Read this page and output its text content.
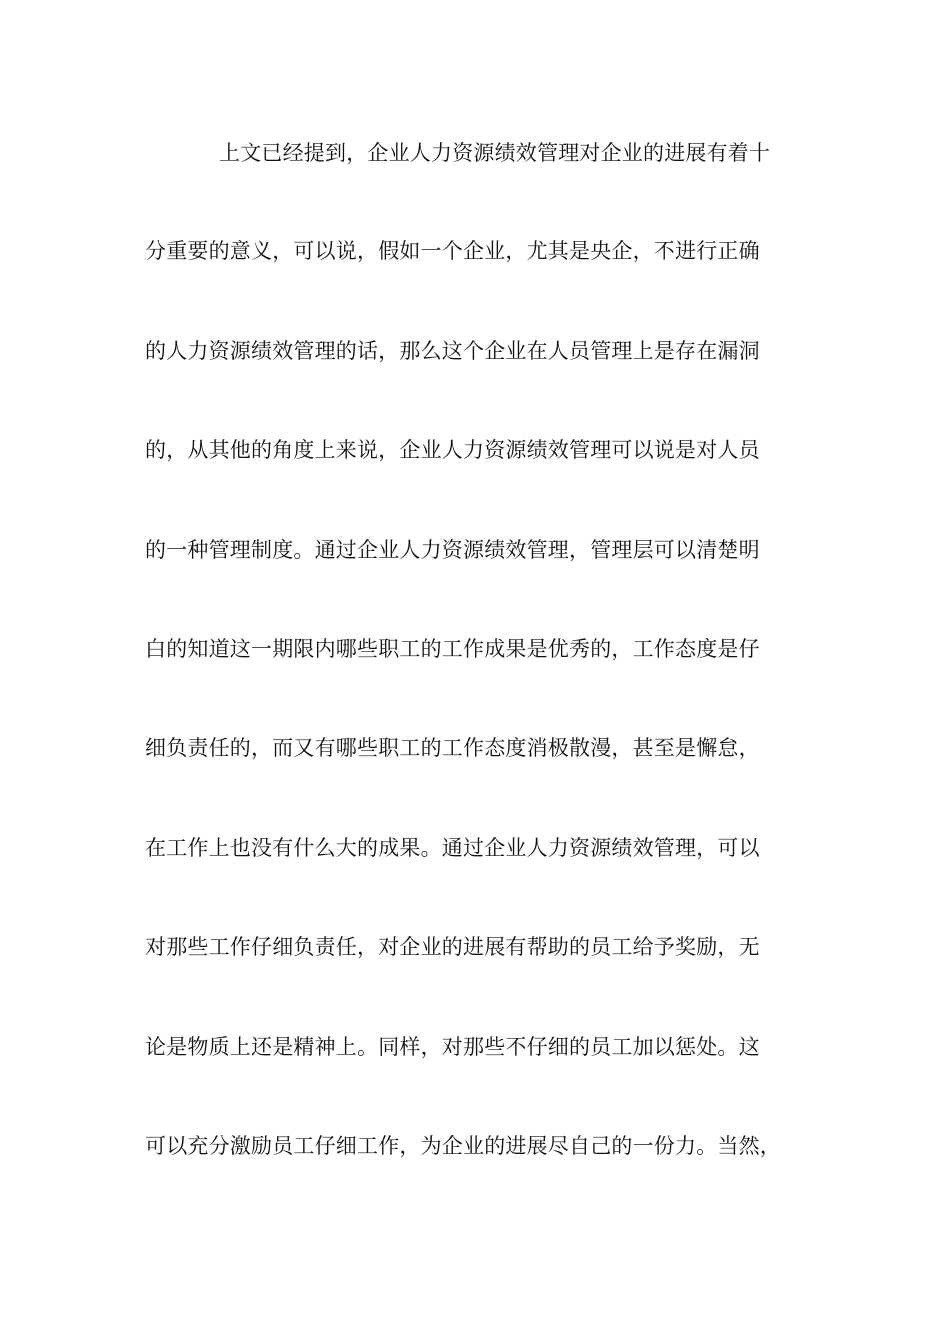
上文已经提到，企业人力资源绩效管理对企业的进展有着十
分重要的意义，可以说，假如一个企业，尤其是央企，不进行正确
的人力资源绩效管理的话，那么这个企业在人员管理上是存在漏洞
的，从其他的角度上来说，企业人力资源绩效管理可以说是对人员
的一种管理制度。通过企业人力资源绩效管理，管理层可以清楚明
白的知道这一期限内哪些职工的工作成果是优秀的，工作态度是仔
细负责任的，而又有哪些职工的工作态度消极散漫，甚至是懈怠，
在工作上也没有什么大的成果。通过企业人力资源绩效管理，可以
对那些工作仔细负责任，对企业的进展有帮助的员工给予奖励，无
论是物质上还是精神上。同样，对那些不仔细的员工加以惩处。这
可以充分激励员工仔细工作，为企业的进展尽自己的一份力。当然，
